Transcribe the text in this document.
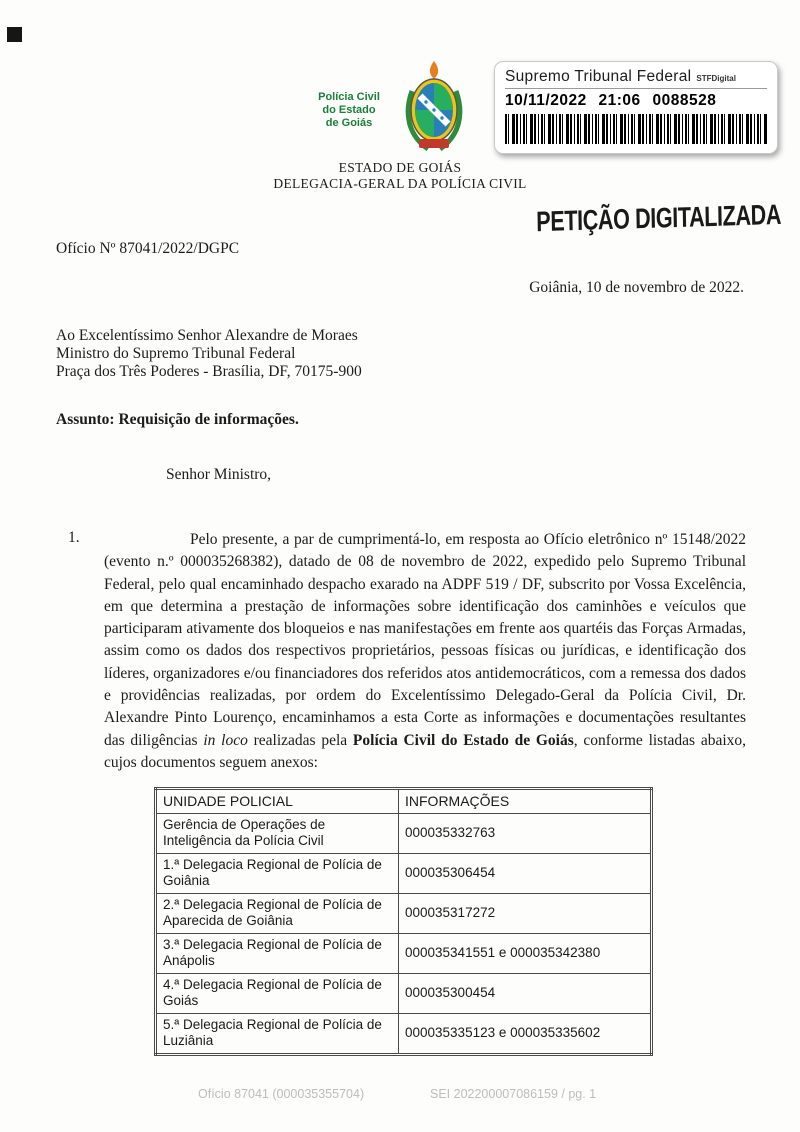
Polícia Civil
do Estado
de Goiás
Supremo Tribunal Federal STFDigital
10/11/2022 21:06 0088528
ESTADO DE GOIÁS
DELEGACIA-GERAL DA POLÍCIA CIVIL
PETIÇÃO DIGITALIZADA
Ofício Nº 87041/2022/DGPC
Goiânia, 10 de novembro de 2022.
Ao Excelentíssimo Senhor Alexandre de Moraes
Ministro do Supremo Tribunal Federal
Praça dos Três Poderes - Brasília, DF, 70175-900
Assunto: Requisição de informações.
Senhor Ministro,
1.	Pelo presente, a par de cumprimentá-lo, em resposta ao Ofício eletrônico nº 15148/2022 (evento n.º 000035268382), datado de 08 de novembro de 2022, expedido pelo Supremo Tribunal Federal, pelo qual encaminhado despacho exarado na ADPF 519 / DF, subscrito por Vossa Excelência, em que determina a prestação de informações sobre identificação dos caminhões e veículos que participaram ativamente dos bloqueios e nas manifestações em frente aos quartéis das Forças Armadas, assim como os dados dos respectivos proprietários, pessoas físicas ou jurídicas, e identificação dos líderes, organizadores e/ou financiadores dos referidos atos antidemocráticos, com a remessa dos dados e providências realizadas, por ordem do Excelentíssimo Delegado-Geral da Polícia Civil, Dr. Alexandre Pinto Lourenço, encaminhamos a esta Corte as informações e documentações resultantes das diligências in loco realizadas pela Polícia Civil do Estado de Goiás, conforme listadas abaixo, cujos documentos seguem anexos:
UNIDADE POLICIAL	INFORMAÇÕES
Gerência de Operações de Inteligência da Polícia Civil	000035332763
1.ª Delegacia Regional de Polícia de Goiânia	000035306454
2.ª Delegacia Regional de Polícia de Aparecida de Goiânia	000035317272
3.ª Delegacia Regional de Polícia de Anápolis	000035341551 e 000035342380
4.ª Delegacia Regional de Polícia de Goiás	000035300454
5.ª Delegacia Regional de Polícia de Luziânia	000035335123 e 000035335602
Ofício 87041 (000035355704)	SEI 202200007086159 / pg. 1
